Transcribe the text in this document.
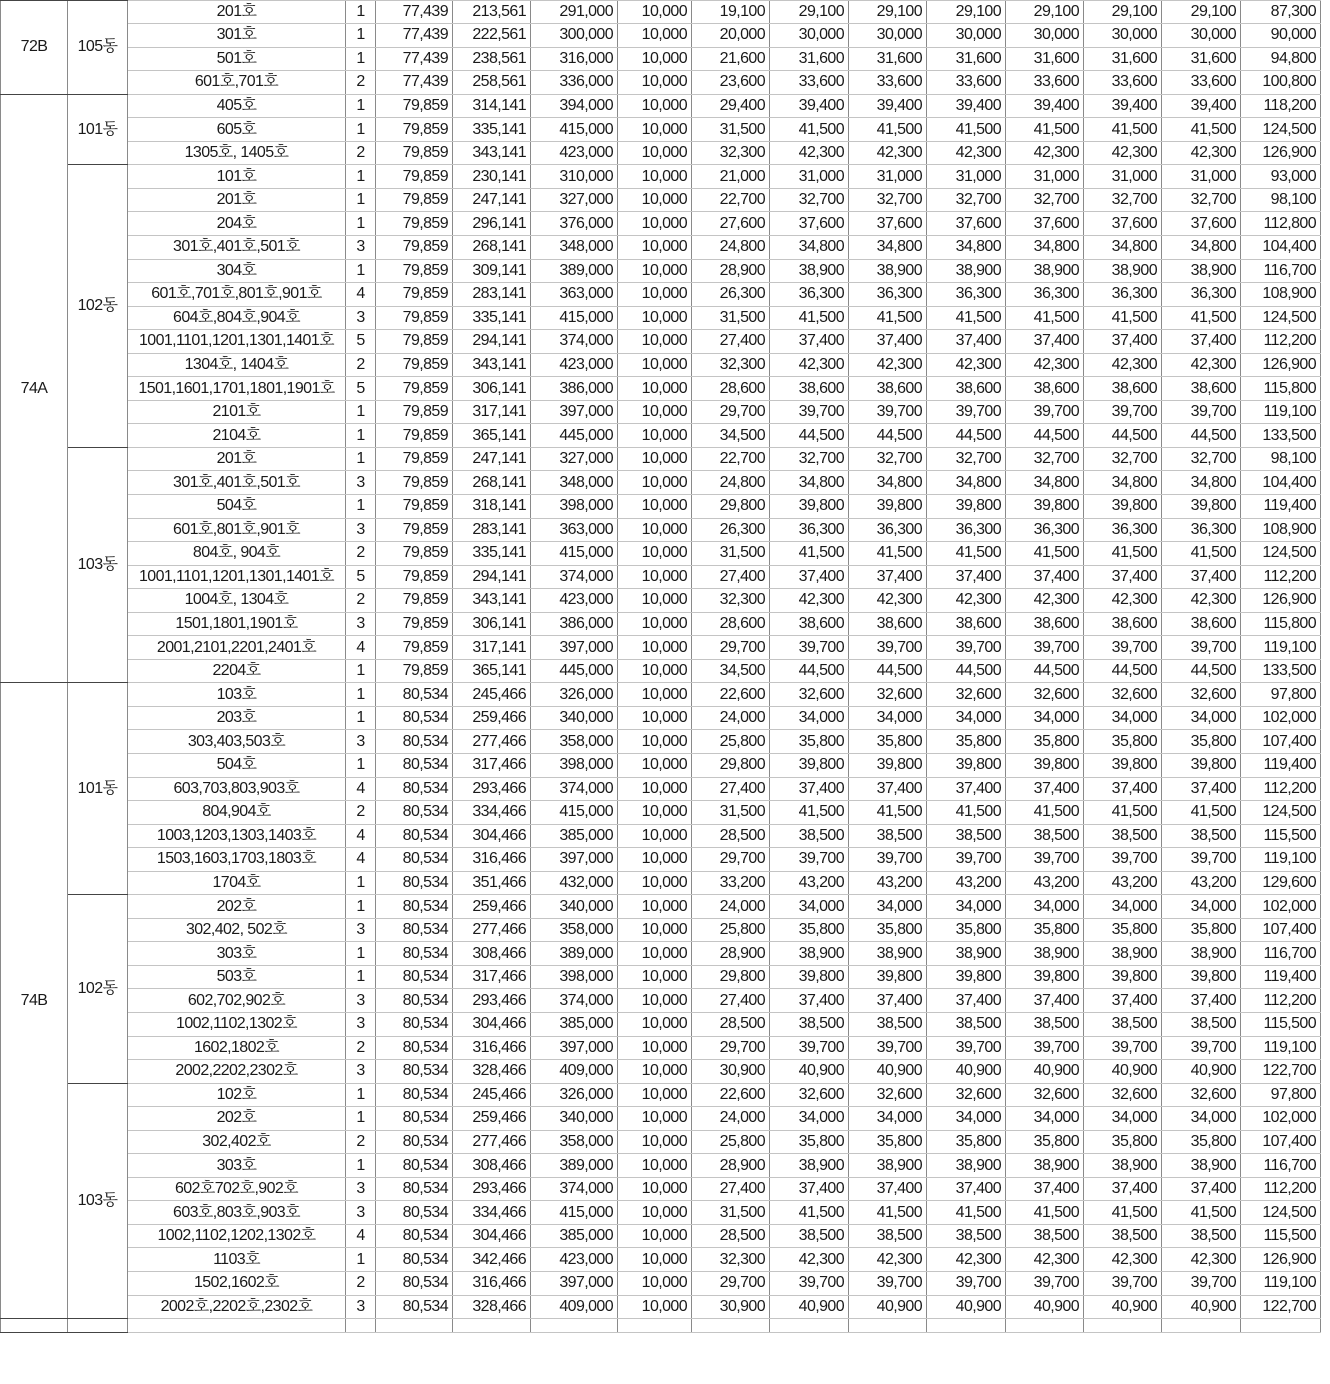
72B	105동	201호	1	77,439	213,561	291,000	10,000	19,100	29,100	29,100	29,100	29,100	29,100	29,100	87,300
		301호	1	77,439	222,561	300,000	10,000	20,000	30,000	30,000	30,000	30,000	30,000	30,000	90,000
		501호	1	77,439	238,561	316,000	10,000	21,600	31,600	31,600	31,600	31,600	31,600	31,600	94,800
		601호,701호	2	77,439	258,561	336,000	10,000	23,600	33,600	33,600	33,600	33,600	33,600	33,600	100,800
74A	101동	405호	1	79,859	314,141	394,000	10,000	29,400	39,400	39,400	39,400	39,400	39,400	39,400	118,200
		605호	1	79,859	335,141	415,000	10,000	31,500	41,500	41,500	41,500	41,500	41,500	41,500	124,500
		1305호, 1405호	2	79,859	343,141	423,000	10,000	32,300	42,300	42,300	42,300	42,300	42,300	42,300	126,900
	102동	101호	1	79,859	230,141	310,000	10,000	21,000	31,000	31,000	31,000	31,000	31,000	31,000	93,000
		201호	1	79,859	247,141	327,000	10,000	22,700	32,700	32,700	32,700	32,700	32,700	32,700	98,100
		204호	1	79,859	296,141	376,000	10,000	27,600	37,600	37,600	37,600	37,600	37,600	37,600	112,800
		301호,401호,501호	3	79,859	268,141	348,000	10,000	24,800	34,800	34,800	34,800	34,800	34,800	34,800	104,400
		304호	1	79,859	309,141	389,000	10,000	28,900	38,900	38,900	38,900	38,900	38,900	38,900	116,700
		601호,701호,801호,901호	4	79,859	283,141	363,000	10,000	26,300	36,300	36,300	36,300	36,300	36,300	36,300	108,900
		604호,804호,904호	3	79,859	335,141	415,000	10,000	31,500	41,500	41,500	41,500	41,500	41,500	41,500	124,500
		1001,1101,1201,1301,1401호	5	79,859	294,141	374,000	10,000	27,400	37,400	37,400	37,400	37,400	37,400	37,400	112,200
		1304호, 1404호	2	79,859	343,141	423,000	10,000	32,300	42,300	42,300	42,300	42,300	42,300	42,300	126,900
		1501,1601,1701,1801,1901호	5	79,859	306,141	386,000	10,000	28,600	38,600	38,600	38,600	38,600	38,600	38,600	115,800
		2101호	1	79,859	317,141	397,000	10,000	29,700	39,700	39,700	39,700	39,700	39,700	39,700	119,100
		2104호	1	79,859	365,141	445,000	10,000	34,500	44,500	44,500	44,500	44,500	44,500	44,500	133,500
	103동	201호	1	79,859	247,141	327,000	10,000	22,700	32,700	32,700	32,700	32,700	32,700	32,700	98,100
		301호,401호,501호	3	79,859	268,141	348,000	10,000	24,800	34,800	34,800	34,800	34,800	34,800	34,800	104,400
		504호	1	79,859	318,141	398,000	10,000	29,800	39,800	39,800	39,800	39,800	39,800	39,800	119,400
		601호,801호,901호	3	79,859	283,141	363,000	10,000	26,300	36,300	36,300	36,300	36,300	36,300	36,300	108,900
		804호, 904호	2	79,859	335,141	415,000	10,000	31,500	41,500	41,500	41,500	41,500	41,500	41,500	124,500
		1001,1101,1201,1301,1401호	5	79,859	294,141	374,000	10,000	27,400	37,400	37,400	37,400	37,400	37,400	37,400	112,200
		1004호, 1304호	2	79,859	343,141	423,000	10,000	32,300	42,300	42,300	42,300	42,300	42,300	42,300	126,900
		1501,1801,1901호	3	79,859	306,141	386,000	10,000	28,600	38,600	38,600	38,600	38,600	38,600	38,600	115,800
		2001,2101,2201,2401호	4	79,859	317,141	397,000	10,000	29,700	39,700	39,700	39,700	39,700	39,700	39,700	119,100
		2204호	1	79,859	365,141	445,000	10,000	34,500	44,500	44,500	44,500	44,500	44,500	44,500	133,500
74B	101동	103호	1	80,534	245,466	326,000	10,000	22,600	32,600	32,600	32,600	32,600	32,600	32,600	97,800
		203호	1	80,534	259,466	340,000	10,000	24,000	34,000	34,000	34,000	34,000	34,000	34,000	102,000
		303,403,503호	3	80,534	277,466	358,000	10,000	25,800	35,800	35,800	35,800	35,800	35,800	35,800	107,400
		504호	1	80,534	317,466	398,000	10,000	29,800	39,800	39,800	39,800	39,800	39,800	39,800	119,400
		603,703,803,903호	4	80,534	293,466	374,000	10,000	27,400	37,400	37,400	37,400	37,400	37,400	37,400	112,200
		804,904호	2	80,534	334,466	415,000	10,000	31,500	41,500	41,500	41,500	41,500	41,500	41,500	124,500
		1003,1203,1303,1403호	4	80,534	304,466	385,000	10,000	28,500	38,500	38,500	38,500	38,500	38,500	38,500	115,500
		1503,1603,1703,1803호	4	80,534	316,466	397,000	10,000	29,700	39,700	39,700	39,700	39,700	39,700	39,700	119,100
		1704호	1	80,534	351,466	432,000	10,000	33,200	43,200	43,200	43,200	43,200	43,200	43,200	129,600
	102동	202호	1	80,534	259,466	340,000	10,000	24,000	34,000	34,000	34,000	34,000	34,000	34,000	102,000
		302,402, 502호	3	80,534	277,466	358,000	10,000	25,800	35,800	35,800	35,800	35,800	35,800	35,800	107,400
		303호	1	80,534	308,466	389,000	10,000	28,900	38,900	38,900	38,900	38,900	38,900	38,900	116,700
		503호	1	80,534	317,466	398,000	10,000	29,800	39,800	39,800	39,800	39,800	39,800	39,800	119,400
		602,702,902호	3	80,534	293,466	374,000	10,000	27,400	37,400	37,400	37,400	37,400	37,400	37,400	112,200
		1002,1102,1302호	3	80,534	304,466	385,000	10,000	28,500	38,500	38,500	38,500	38,500	38,500	38,500	115,500
		1602,1802호	2	80,534	316,466	397,000	10,000	29,700	39,700	39,700	39,700	39,700	39,700	39,700	119,100
		2002,2202,2302호	3	80,534	328,466	409,000	10,000	30,900	40,900	40,900	40,900	40,900	40,900	40,900	122,700
	103동	102호	1	80,534	245,466	326,000	10,000	22,600	32,600	32,600	32,600	32,600	32,600	32,600	97,800
		202호	1	80,534	259,466	340,000	10,000	24,000	34,000	34,000	34,000	34,000	34,000	34,000	102,000
		302,402호	2	80,534	277,466	358,000	10,000	25,800	35,800	35,800	35,800	35,800	35,800	35,800	107,400
		303호	1	80,534	308,466	389,000	10,000	28,900	38,900	38,900	38,900	38,900	38,900	38,900	116,700
		602호702호,902호	3	80,534	293,466	374,000	10,000	27,400	37,400	37,400	37,400	37,400	37,400	37,400	112,200
		603호,803호,903호	3	80,534	334,466	415,000	10,000	31,500	41,500	41,500	41,500	41,500	41,500	41,500	124,500
		1002,1102,1202,1302호	4	80,534	304,466	385,000	10,000	28,500	38,500	38,500	38,500	38,500	38,500	38,500	115,500
		1103호	1	80,534	342,466	423,000	10,000	32,300	42,300	42,300	42,300	42,300	42,300	42,300	126,900
		1502,1602호	2	80,534	316,466	397,000	10,000	29,700	39,700	39,700	39,700	39,700	39,700	39,700	119,100
		2002호,2202호,2302호	3	80,534	328,466	409,000	10,000	30,900	40,900	40,900	40,900	40,900	40,900	40,900	122,700
